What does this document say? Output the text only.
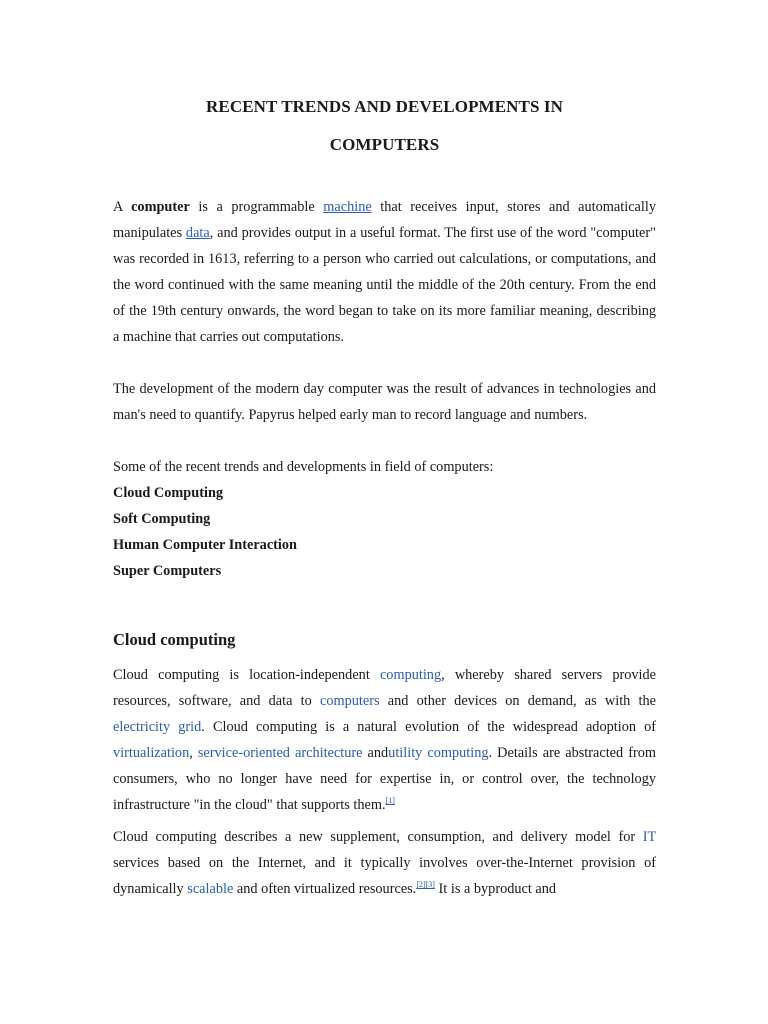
RECENT TRENDS AND DEVELOPMENTS IN
COMPUTERS

A computer is a programmable machine that receives input, stores and automatically manipulates data, and provides output in a useful format. The first use of the word "computer" was recorded in 1613, referring to a person who carried out calculations, or computations, and the word continued with the same meaning until the middle of the 20th century. From the end of the 19th century onwards, the word began to take on its more familiar meaning, describing a machine that carries out computations.

The development of the modern day computer was the result of advances in technologies and man's need to quantify. Papyrus helped early man to record language and numbers.

Some of the recent trends and developments in field of computers:

Cloud Computing
Soft Computing
Human Computer Interaction
Super Computers
Cloud computing

Cloud computing is location-independent computing, whereby shared servers provide resources, software, and data to computers and other devices on demand, as with the electricity grid. Cloud computing is a natural evolution of the widespread adoption of virtualization, service-oriented architecture andutility computing. Details are abstracted from consumers, who no longer have need for expertise in, or control over, the technology infrastructure "in the cloud" that supports them.[1]

Cloud computing describes a new supplement, consumption, and delivery model for IT services based on the Internet, and it typically involves over-the-Internet provision of dynamically scalable and often virtualized resources.[2][3] It is a byproduct and
